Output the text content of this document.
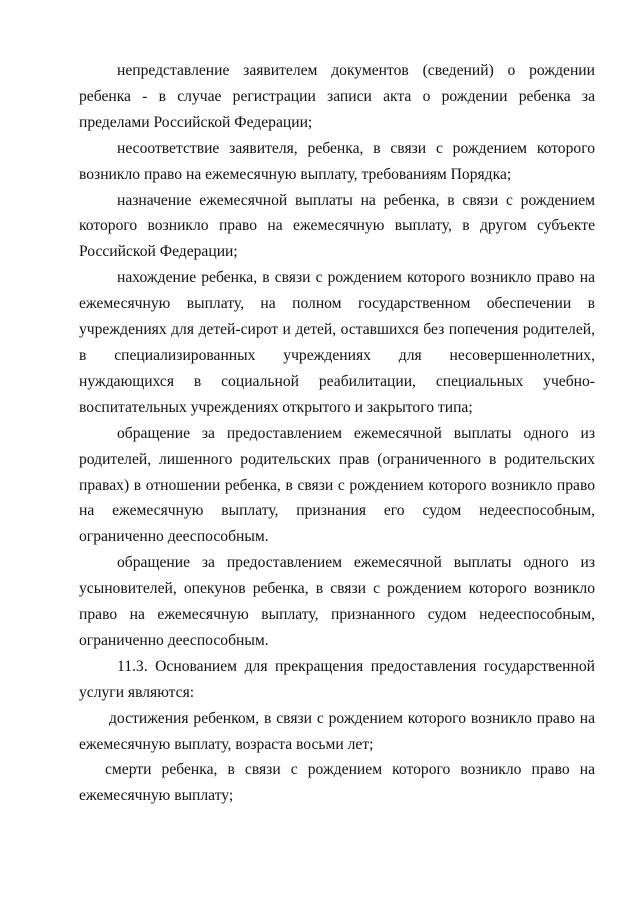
непредставление заявителем документов (сведений) о рождении ребенка - в случае регистрации записи акта о рождении ребенка за пределами Российской Федерации;

несоответствие заявителя, ребенка, в связи с рождением которого возникло право на ежемесячную выплату, требованиям Порядка;

назначение ежемесячной выплаты на ребенка, в связи с рождением которого возникло право на ежемесячную выплату, в другом субъекте Российской Федерации;

нахождение ребенка, в связи с рождением которого возникло право на ежемесячную выплату, на полном государственном обеспечении в учреждениях для детей-сирот и детей, оставшихся без попечения родителей, в специализированных учреждениях для несовершеннолетних, нуждающихся в социальной реабилитации, специальных учебно-воспитательных учреждениях открытого и закрытого типа;

обращение за предоставлением ежемесячной выплаты одного из родителей, лишенного родительских прав (ограниченного в родительских правах) в отношении ребенка, в связи с рождением которого возникло право на ежемесячную выплату, признания его судом недееспособным, ограниченно дееспособным.

обращение за предоставлением ежемесячной выплаты одного из усыновителей, опекунов ребенка, в связи с рождением которого возникло право на ежемесячную выплату, признанного судом недееспособным, ограниченно дееспособным.

11.3. Основанием для прекращения предоставления государственной услуги являются:

достижения ребенком, в связи с рождением которого возникло право на ежемесячную выплату, возраста восьми лет;

смерти ребенка, в связи с рождением которого возникло право на ежемесячную выплату;
